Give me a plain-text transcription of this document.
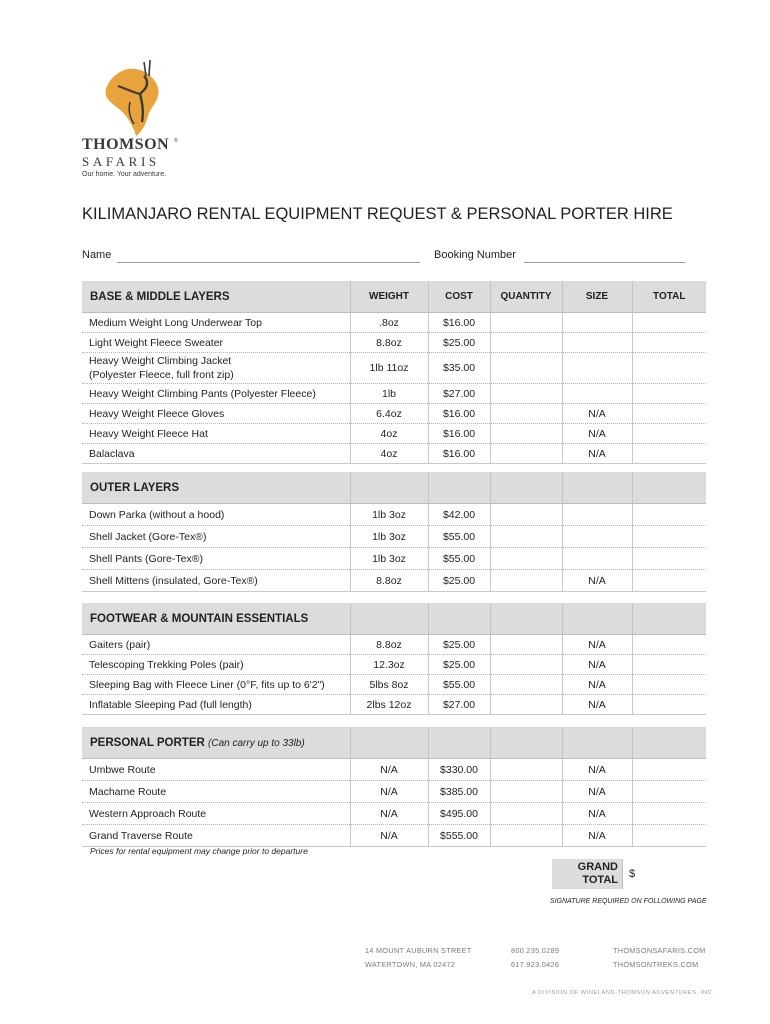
THOMSON ®
SAFARIS
Our home. Your adventure.
KILIMANJARO RENTAL EQUIPMENT REQUEST & PERSONAL PORTER HIRE
Name	Booking Number
BASE & MIDDLE LAYERS	WEIGHT	COST	QUANTITY	SIZE	TOTAL
Medium Weight Long Underwear Top	.8oz	$16.00			
Light Weight Fleece Sweater	8.8oz	$25.00			

Heavy Weight Climbing Jacket
(Polyester Fleece, full front zip)	1lb 11oz	$35.00			
Heavy Weight Climbing Pants (Polyester Fleece)	1lb	$27.00			
Heavy Weight Fleece Gloves	6.4oz	$16.00		N/A	
Heavy Weight Fleece Hat	4oz	$16.00		N/A	
Balaclava	4oz	$16.00		N/A	
OUTER LAYERS					
Down Parka (without a hood)	1lb 3oz	$42.00			
Shell Jacket (Gore-Tex®)	1lb 3oz	$55.00			
Shell Pants (Gore-Tex®)	1lb 3oz	$55.00			
Shell Mittens (insulated, Gore-Tex®)	8.8oz	$25.00		N/A	
FOOTWEAR & MOUNTAIN ESSENTIALS					
Gaiters (pair)	8.8oz	$25.00		N/A	
Telescoping Trekking Poles (pair)	12.3oz	$25.00		N/A	
Sleeping Bag with Fleece Liner (0°F, fits up to 6'2")	5lbs 8oz	$55.00		N/A	
Inflatable Sleeping Pad (full length)	2lbs 12oz	$27.00		N/A	
PERSONAL PORTER (Can carry up to 33lb)					
Umbwe Route	N/A	$330.00		N/A	
Machame Route	N/A	$385.00		N/A	
Western Approach Route	N/A	$495.00		N/A	
Grand Traverse Route	N/A	$555.00		N/A	
Prices for rental equipment may change prior to departure
GRAND
TOTAL $
SIGNATURE REQUIRED ON FOLLOWING PAGE
14 MOUNT AUBURN STREET
WATERTOWN, MA 02472
800.235.0289
617.923.0426
THOMSONSAFARIS.COM
THOMSONTREKS.COM
A DIVISION OF WINELAND-THOMSON ADVENTURES, INC.
